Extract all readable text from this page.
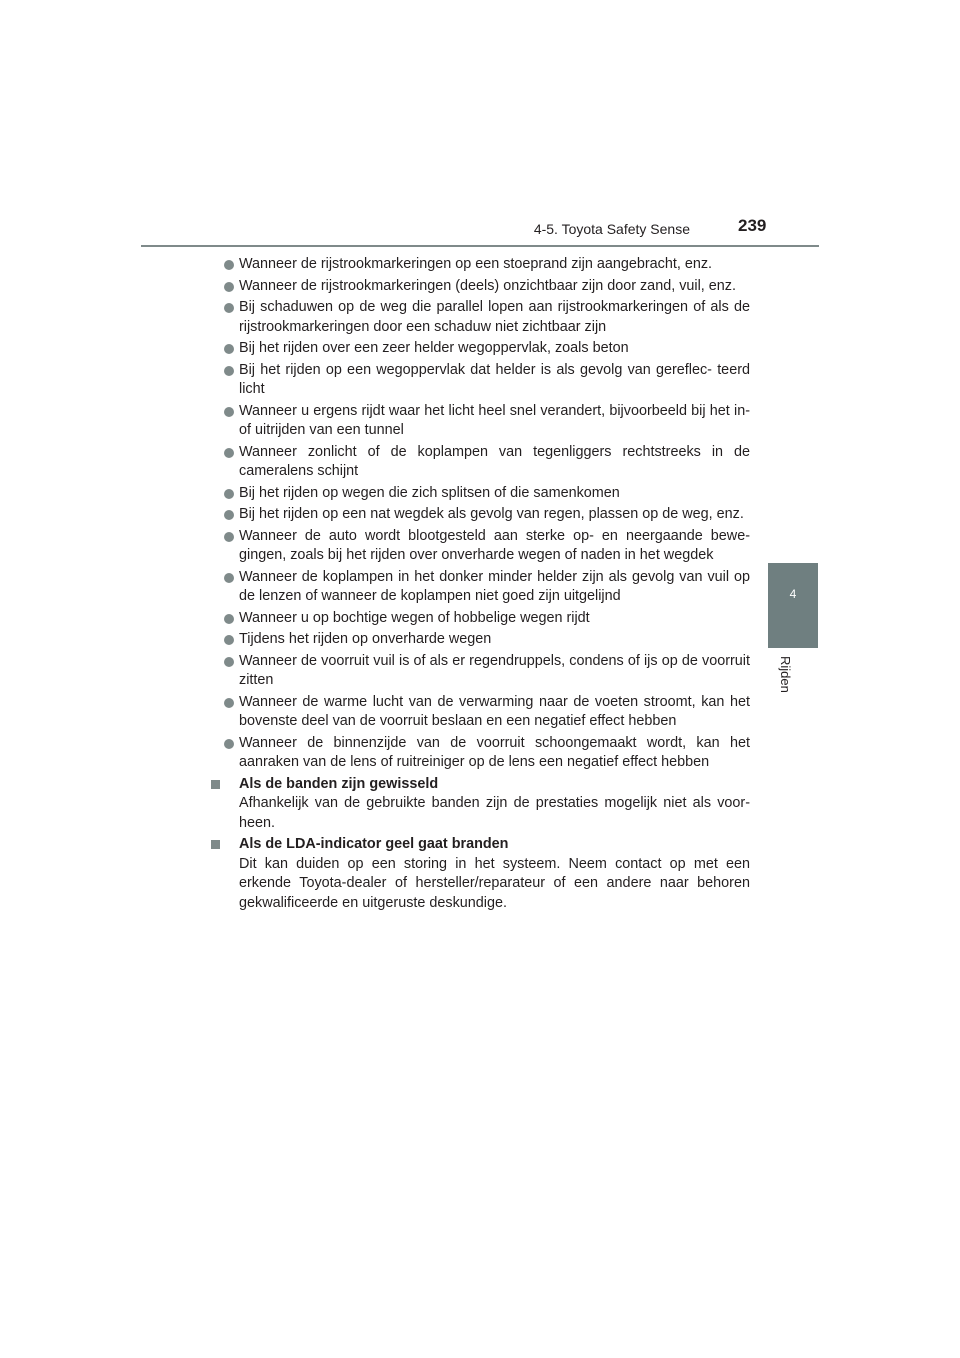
4-5. Toyota Safety Sense	239
4
Rijden
Wanneer de rijstrookmarkeringen op een stoeprand zijn aangebracht, enz.
Wanneer de rijstrookmarkeringen (deels) onzichtbaar zijn door zand, vuil, enz.
Bij schaduwen op de weg die parallel lopen aan rijstrookmarkeringen of als de rijstrookmarkeringen door een schaduw niet zichtbaar zijn
Bij het rijden over een zeer helder wegoppervlak, zoals beton
Bij het rijden op een wegoppervlak dat helder is als gevolg van gereflec- teerd licht
Wanneer u ergens rijdt waar het licht heel snel verandert, bijvoorbeeld bij het in- of uitrijden van een tunnel
Wanneer zonlicht of de koplampen van tegenliggers rechtstreeks in de cameralens schijnt
Bij het rijden op wegen die zich splitsen of die samenkomen
Bij het rijden op een nat wegdek als gevolg van regen, plassen op de weg, enz.
Wanneer de auto wordt blootgesteld aan sterke op- en neergaande bewe- gingen, zoals bij het rijden over onverharde wegen of naden in het wegdek
Wanneer de koplampen in het donker minder helder zijn als gevolg van vuil op de lenzen of wanneer de koplampen niet goed zijn uitgelijnd
Wanneer u op bochtige wegen of hobbelige wegen rijdt
Tijdens het rijden op onverharde wegen
Wanneer de voorruit vuil is of als er regendruppels, condens of ijs op de voorruit zitten
Wanneer de warme lucht van de verwarming naar de voeten stroomt, kan het bovenste deel van de voorruit beslaan en een negatief effect hebben
Wanneer de binnenzijde van de voorruit schoongemaakt wordt, kan het aanraken van de lens of ruitreiniger op de lens een negatief effect hebben
Als de banden zijn gewisseld
Afhankelijk van de gebruikte banden zijn de prestaties mogelijk niet als voor- heen.
Als de LDA-indicator geel gaat branden
Dit kan duiden op een storing in het systeem. Neem contact op met een erkende Toyota-dealer of hersteller/reparateur of een andere naar behoren gekwalificeerde en uitgeruste deskundige.
